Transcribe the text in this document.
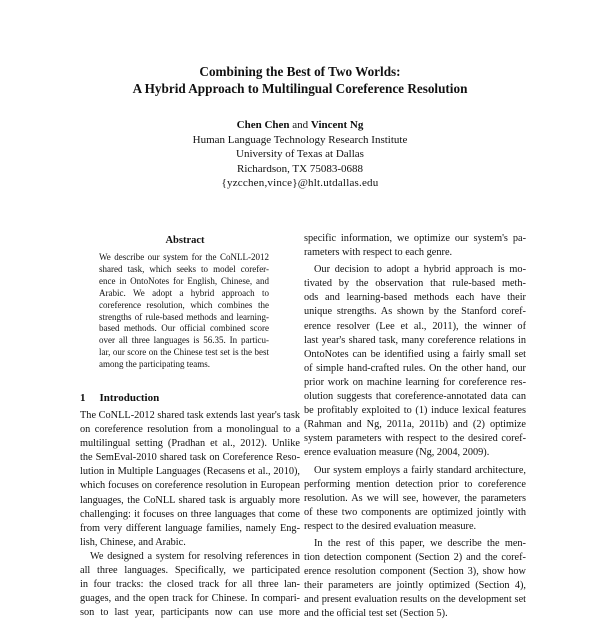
Combining the Best of Two Worlds:
A Hybrid Approach to Multilingual Coreference Resolution
Chen Chen and Vincent Ng
Human Language Technology Research Institute
University of Texas at Dallas
Richardson, TX 75083-0688
{yzcchen,vince}@hlt.utdallas.edu
Abstract
We describe our system for the CoNLL-2012
shared task, which seeks to model corefer-
ence in OntoNotes for English, Chinese, and
Arabic. We adopt a hybrid approach to
coreference resolution, which combines the
strengths of rule-based methods and learning-
based methods. Our official combined score
over all three languages is 56.35. In particu-
lar, our score on the Chinese test set is the best
among the participating teams.
1 Introduction
The CoNLL-2012 shared task extends last year's task
on coreference resolution from a monolingual to a
multilingual setting (Pradhan et al., 2012). Unlike
the SemEval-2010 shared task on Coreference Reso-
lution in Multiple Languages (Recasens et al., 2010),
which focuses on coreference resolution in European
languages, the CoNLL shared task is arguably more
challenging: it focuses on three languages that come
from very different language families, namely Eng-
lish, Chinese, and Arabic.
We designed a system for resolving references in
all three languages. Specifically, we participated
in four tracks: the closed track for all three lan-
guages, and the open track for Chinese. In compari-
son to last year, participants now can use more
specific information, we optimize our system's pa-
rameters with respect to each genre.
Our decision to adopt a hybrid approach is mo-
tivated by the observation that rule-based meth-
ods and learning-based methods each have their
unique strengths. As shown by the Stanford coref-
erence resolver (Lee et al., 2011), the winner of
last year's shared task, many coreference relations in
OntoNotes can be identified using a fairly small set
of simple hand-crafted rules. On the other hand, our
prior work on machine learning for coreference res-
olution suggests that coreference-annotated data can
be profitably exploited to (1) induce lexical features
(Rahman and Ng, 2011a, 2011b) and (2) optimize
system parameters with respect to the desired coref-
erence evaluation measure (Ng, 2004, 2009).
Our system employs a fairly standard architecture,
performing mention detection prior to coreference
resolution. As we will see, however, the parameters
of these two components are optimized jointly with
respect to the desired evaluation measure.
In the rest of this paper, we describe the men-
tion detection component (Section 2) and the coref-
erence resolution component (Section 3), show how
their parameters are jointly optimized (Section 4),
and present evaluation results on the development set
and the official test set (Section 5).
